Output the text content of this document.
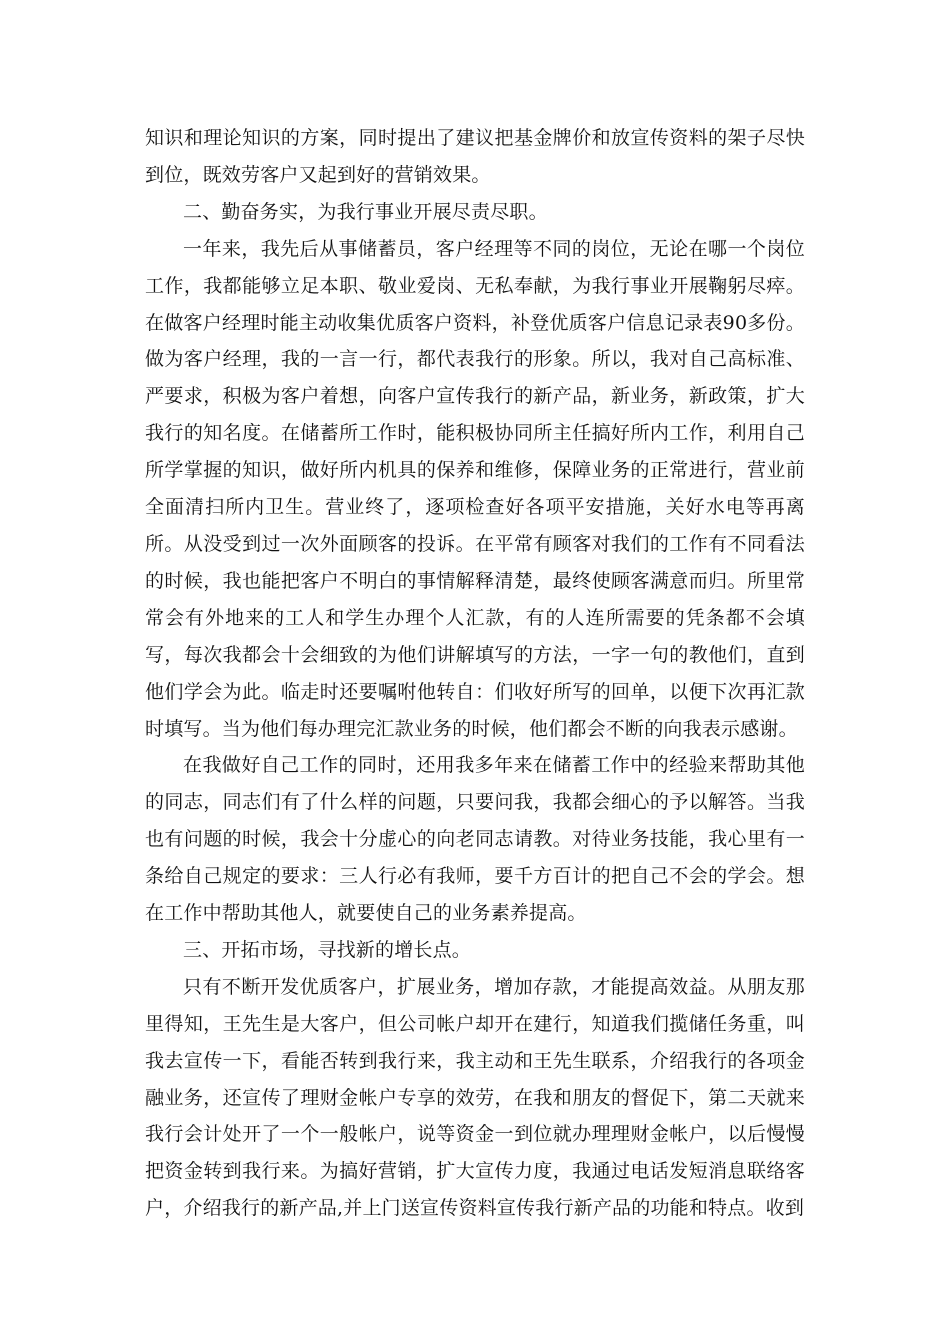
知识和理论知识的方案，同时提出了建议把基金牌价和放宣传资料的架子尽快到位，既效劳客户又起到好的营销效果。

二、勤奋务实，为我行事业开展尽责尽职。

一年来，我先后从事储蓄员，客户经理等不同的岗位，无论在哪一个岗位工作，我都能够立足本职、敬业爱岗、无私奉献，为我行事业开展鞠躬尽瘁。在做客户经理时能主动收集优质客户资料，补登优质客户信息记录表90多份。做为客户经理，我的一言一行，都代表我行的形象。所以，我对自己高标准、严要求，积极为客户着想，向客户宣传我行的新产品，新业务，新政策，扩大我行的知名度。在储蓄所工作时，能积极协同所主任搞好所内工作，利用自己所学掌握的知识，做好所内机具的保养和维修，保障业务的正常进行，营业前全面清扫所内卫生。营业终了，逐项检查好各项平安措施，关好水电等再离所。从没受到过一次外面顾客的投诉。在平常有顾客对我们的工作有不同看法的时候，我也能把客户不明白的事情解释清楚，最终使顾客满意而归。所里常常会有外地来的工人和学生办理个人汇款，有的人连所需要的凭条都不会填写，每次我都会十会细致的为他们讲解填写的方法，一字一句的教他们，直到他们学会为此。临走时还要嘱咐他转自：们收好所写的回单，以便下次再汇款时填写。当为他们每办理完汇款业务的时候，他们都会不断的向我表示感谢。

在我做好自己工作的同时，还用我多年来在储蓄工作中的经验来帮助其他的同志，同志们有了什么样的问题，只要问我，我都会细心的予以解答。当我也有问题的时候，我会十分虚心的向老同志请教。对待业务技能，我心里有一条给自己规定的要求：三人行必有我师，要千方百计的把自己不会的学会。想在工作中帮助其他人，就要使自己的业务素养提高。

三、开拓市场，寻找新的增长点。

只有不断开发优质客户，扩展业务，增加存款，才能提高效益。从朋友那里得知，王先生是大客户，但公司帐户却开在建行，知道我们揽储任务重，叫我去宣传一下，看能否转到我行来，我主动和王先生联系，介绍我行的各项金融业务，还宣传了理财金帐户专享的效劳，在我和朋友的督促下，第二天就来我行会计处开了一个一般帐户，说等资金一到位就办理理财金帐户，以后慢慢把资金转到我行来。为搞好营销，扩大宣传力度，我通过电话发短消息联络客户，介绍我行的新产品,并上门送宣传资料宣传我行新产品的功能和特点。收到
